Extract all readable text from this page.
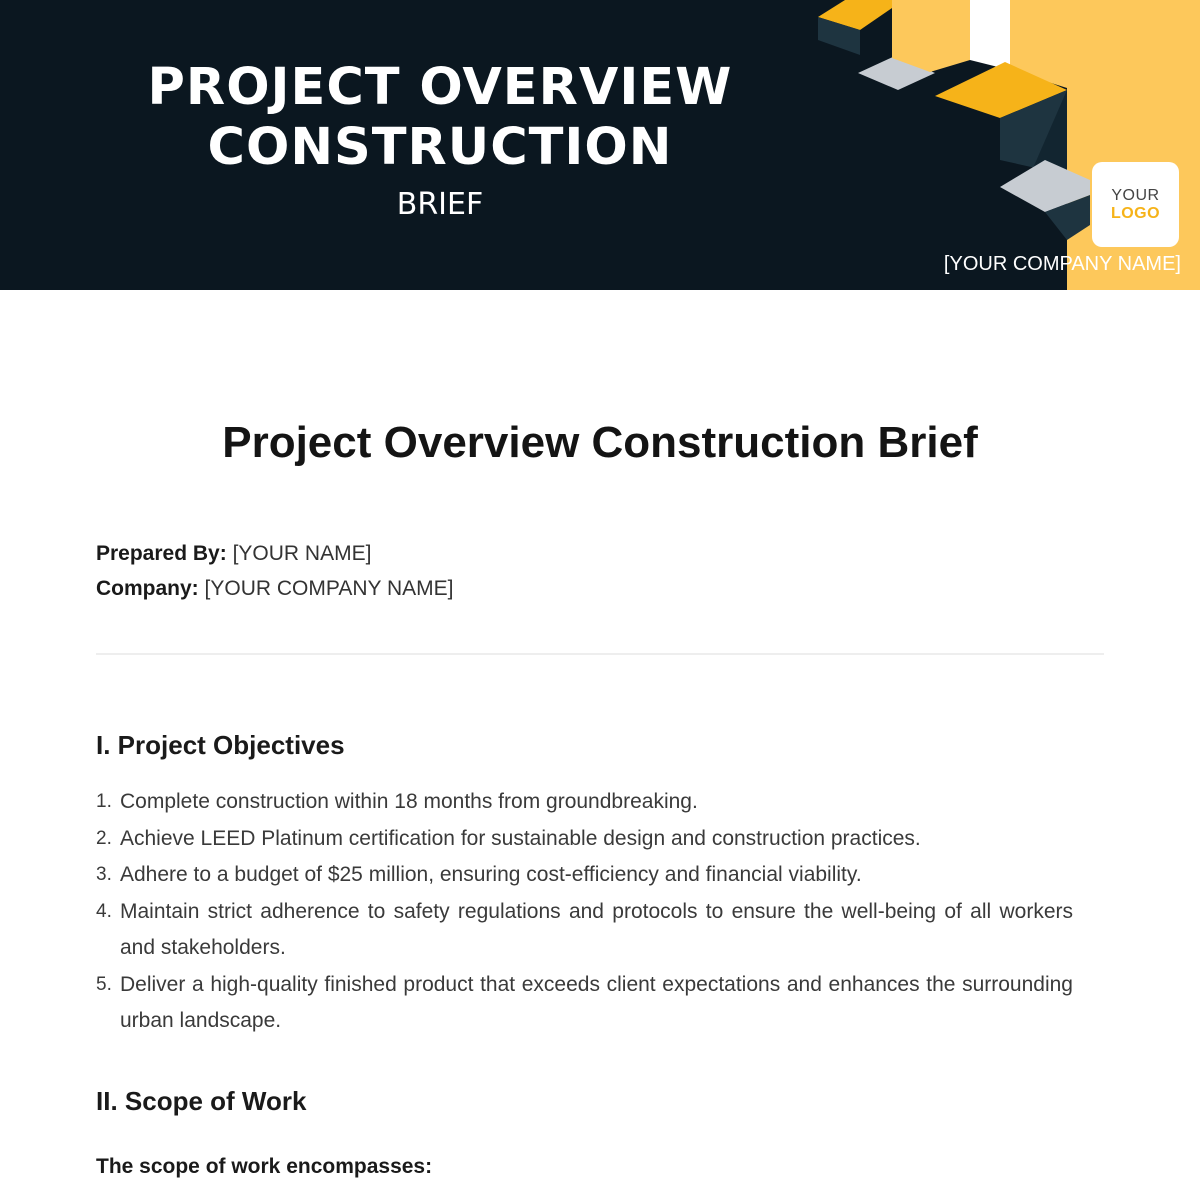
PROJECT OVERVIEW
CONSTRUCTION
BRIEF	YOUR
LOGO
[YOUR COMPANY NAME]
Project Overview Construction Brief
Prepared By: [YOUR NAME]
Company: [YOUR COMPANY NAME]
I. Project Objectives
1. Complete construction within 18 months from groundbreaking.
2. Achieve LEED Platinum certification for sustainable design and construction practices.
3. Adhere to a budget of $25 million, ensuring cost-efficiency and financial viability.
4. Maintain strict adherence to safety regulations and protocols to ensure the well-being of all workers and stakeholders.
5. Deliver a high-quality finished product that exceeds client expectations and enhances the surrounding urban landscape.
II. Scope of Work
The scope of work encompasses:
